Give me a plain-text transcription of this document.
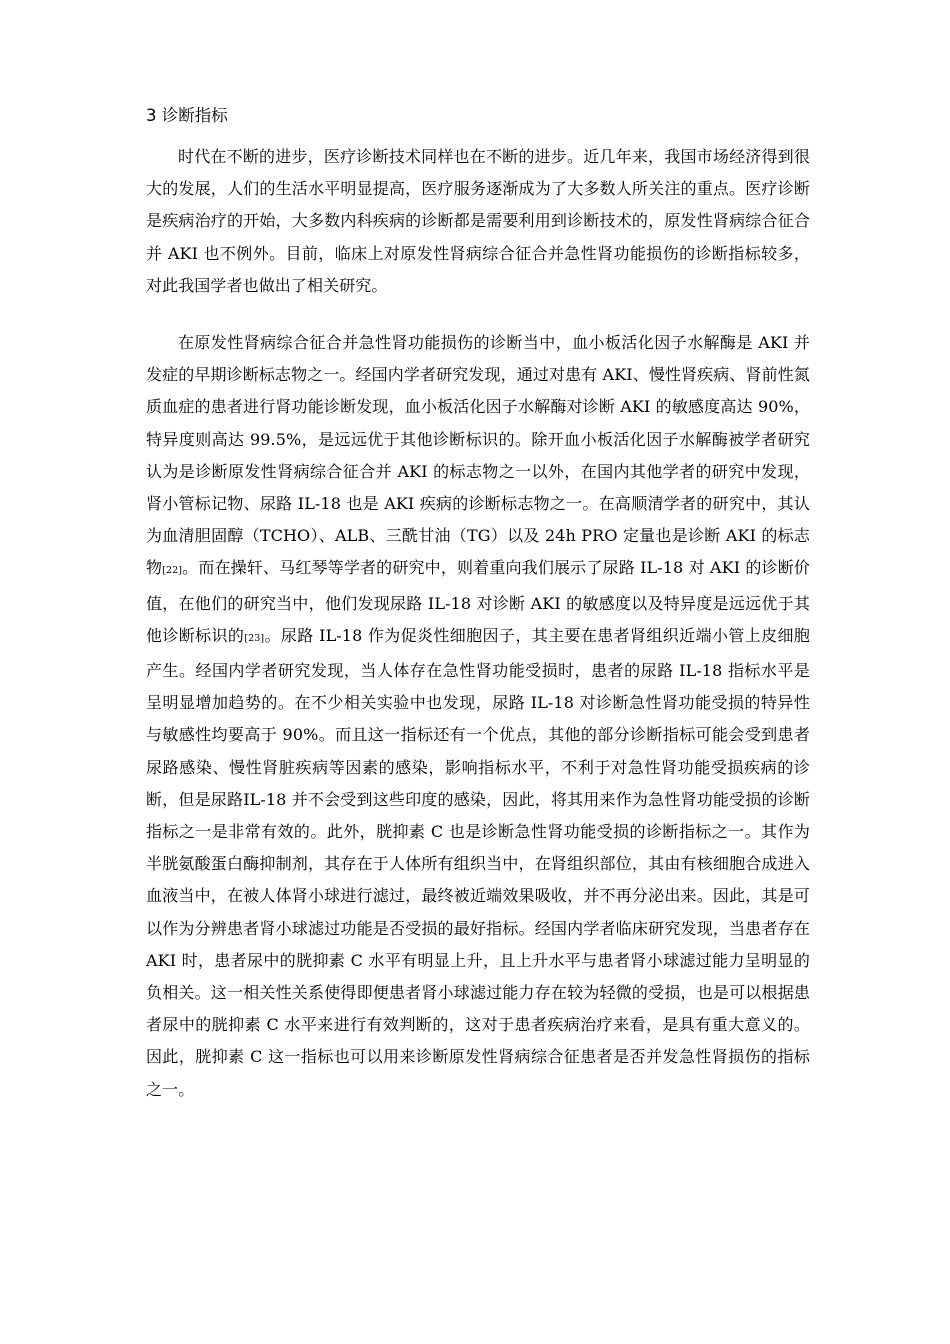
3 诊断指标

时代在不断的进步，医疗诊断技术同样也在不断的进步。近几年来，我国市场经济得到很大的发展，人们的生活水平明显提高，医疗服务逐渐成为了大多数人所关注的重点。医疗诊断是疾病治疗的开始，大多数内科疾病的诊断都是需要利用到诊断技术的，原发性肾病综合征合并 AKI 也不例外。目前，临床上对原发性肾病综合征合并急性肾功能损伤的诊断指标较多，对此我国学者也做出了相关研究。

在原发性肾病综合征合并急性肾功能损伤的诊断当中，血小板活化因子水解酶是 AKI 并发症的早期诊断标志物之一。经国内学者研究发现，通过对患有 AKI、慢性肾疾病、肾前性氮质血症的患者进行肾功能诊断发现，血小板活化因子水解酶对诊断 AKI 的敏感度高达 90%，特异度则高达 99.5%，是远远优于其他诊断标识的。除开血小板活化因子水解酶被学者研究认为是诊断原发性肾病综合征合并 AKI 的标志物之一以外，在国内其他学者的研究中发现，肾小管标记物、尿路 IL-18 也是 AKI 疾病的诊断标志物之一。在高顺清学者的研究中，其认为血清胆固醇（TCHO）、ALB、三酰甘油（TG）以及 24h PRO 定量也是诊断 AKI 的标志物[22]。而在操轩、马红琴等学者的研究中，则着重向我们展示了尿路 IL-18 对 AKI 的诊断价值，在他们的研究当中，他们发现尿路 IL-18 对诊断 AKI 的敏感度以及特异度是远远优于其他诊断标识的[23]。尿路 IL-18 作为促炎性细胞因子，其主要在患者肾组织近端小管上皮细胞产生。经国内学者研究发现，当人体存在急性肾功能受损时，患者的尿路 IL-18 指标水平是呈明显增加趋势的。在不少相关实验中也发现，尿路 IL-18 对诊断急性肾功能受损的特异性与敏感性均要高于 90%。而且这一指标还有一个优点，其他的部分诊断指标可能会受到患者尿路感染、慢性肾脏疾病等因素的感染，影响指标水平，不利于对急性肾功能受损疾病的诊断，但是尿路IL-18 并不会受到这些印度的感染，因此，将其用来作为急性肾功能受损的诊断指标之一是非常有效的。此外，胱抑素 C 也是诊断急性肾功能受损的诊断指标之一。其作为半胱氨酸蛋白酶抑制剂，其存在于人体所有组织当中，在肾组织部位，其由有核细胞合成进入血液当中，在被人体肾小球进行滤过，最终被近端效果吸收，并不再分泌出来。因此，其是可以作为分辨患者肾小球滤过功能是否受损的最好指标。经国内学者临床研究发现，当患者存在 AKI 时，患者尿中的胱抑素 C 水平有明显上升，且上升水平与患者肾小球滤过能力呈明显的负相关。这一相关性关系使得即便患者肾小球滤过能力存在较为轻微的受损，也是可以根据患者尿中的胱抑素 C 水平来进行有效判断的，这对于患者疾病治疗来看，是具有重大意义的。因此，胱抑素 C 这一指标也可以用来诊断原发性肾病综合征患者是否并发急性肾损伤的指标之一。
